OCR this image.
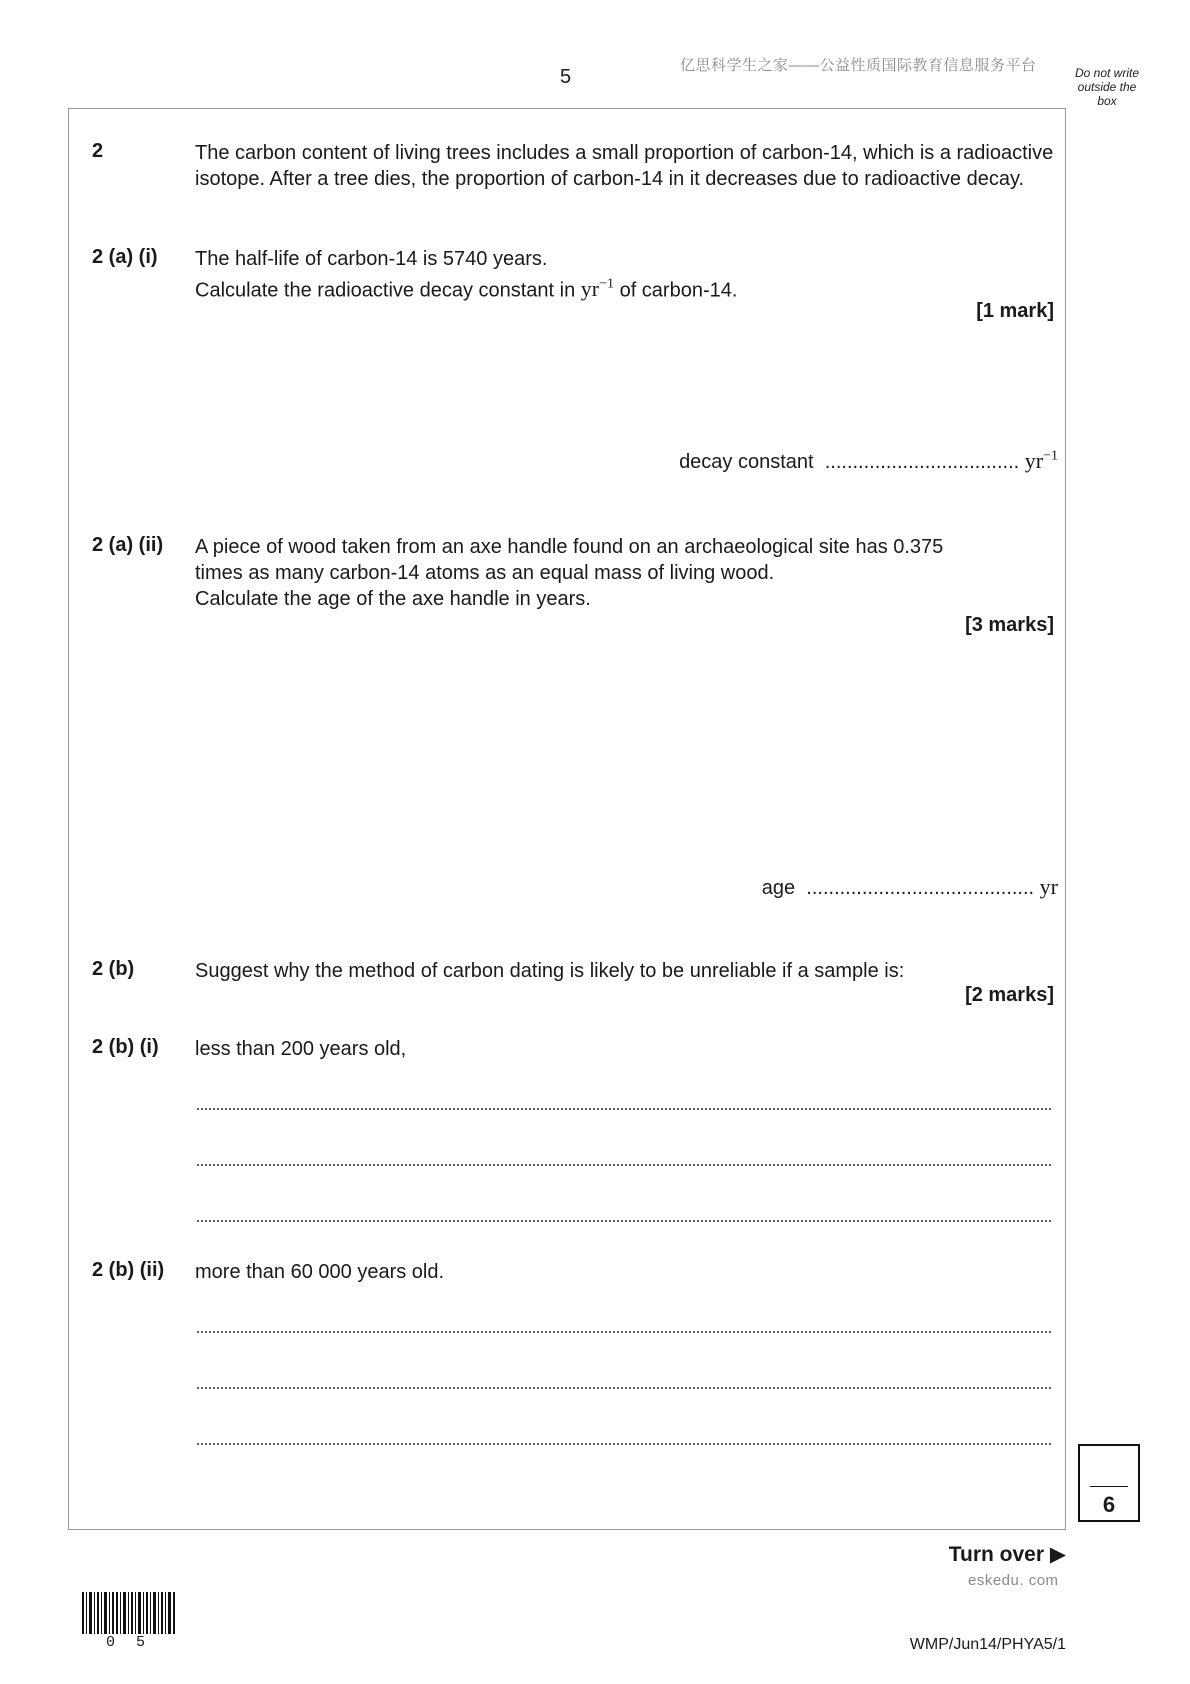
5
亿思科学生之家——公益性质国际教育信息服务平台	Do not write
outside the
box
2	The carbon content of living trees includes a small proportion of carbon-14, which is a radioactive isotope. After a tree dies, the proportion of carbon-14 in it decreases due to radioactive decay.
2 (a) (i) The half-life of carbon-14 is 5740 years.
Calculate the radioactive decay constant in $yr^{-1}$ of carbon-14.
[1 mark]
decay constant ................................... $yr^{-1}$
2 (a) (ii) A piece of wood taken from an axe handle found on an archaeological site has 0.375
times as many carbon-14 atoms as an equal mass of living wood.
Calculate the age of the axe handle in years.
[3 marks]
age ......................................... yr
2 (b)	Suggest why the method of carbon dating is likely to be unreliable if a sample is:
[2 marks]
2 (b) (i) less than 200 years old,
2 (b) (ii) more than 60 000 years old.
6
Turn over ▶
eskedu. com
0 5	WMP/Jun14/PHYA5/1
